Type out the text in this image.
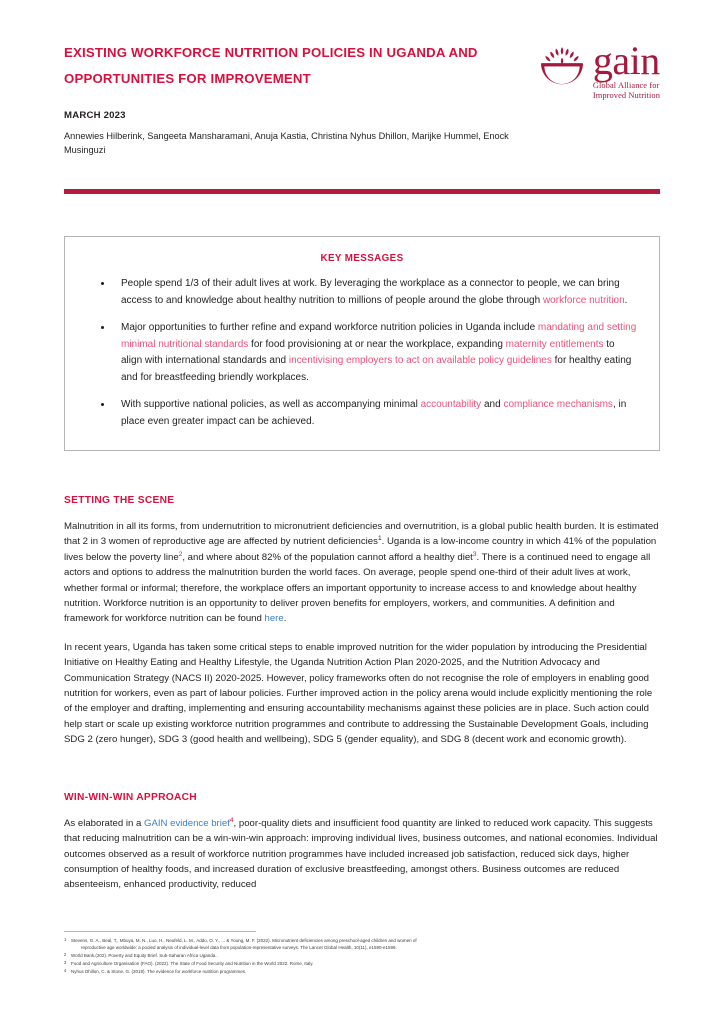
EXISTING WORKFORCE NUTRITION POLICIES IN UGANDA AND OPPORTUNITIES FOR IMPROVEMENT
MARCH 2023
Annewies Hilberink, Sangeeta Mansharamani, Anuja Kastia, Christina Nyhus Dhillon, Marijke Hummel, Enock Musinguzi
gain
Global Alliance for
Improved Nutrition
KEY MESSAGES
People spend 1/3 of their adult lives at work. By leveraging the workplace as a connector to people, we can bring access to and knowledge about healthy nutrition to millions of people around the globe through workforce nutrition.
Major opportunities to further refine and expand workforce nutrition policies in Uganda include mandating and setting minimal nutritional standards for food provisioning at or near the workplace, expanding maternity entitlements to align with international standards and incentivising employers to act on available policy guidelines for healthy eating and for breastfeeding briendly workplaces.
With supportive national policies, as well as accompanying minimal accountability and compliance mechanisms, in place even greater impact can be achieved.
SETTING THE SCENE
Malnutrition in all its forms, from undernutrition to micronutrient deficiencies and overnutrition, is a global public health burden. It is estimated that 2 in 3 women of reproductive age are affected by nutrient deficiencies$^1$. Uganda is a low-income country in which 41% of the population lives below the poverty line$^2$, and where about 82% of the population cannot afford a healthy diet$^3$. There is a continued need to engage all actors and options to address the malnutrition burden the world faces. On average, people spend one-third of their adult lives at work, whether formal or informal; therefore, the workplace offers an important opportunity to increase access to and knowledge about healthy nutrition. Workforce nutrition is an opportunity to deliver proven benefits for employers, workers, and communities. A definition and framework for workforce nutrition can be found here.
In recent years, Uganda has taken some critical steps to enable improved nutrition for the wider population by introducing the Presidential Initiative on Healthy Eating and Healthy Lifestyle, the Uganda Nutrition Action Plan 2020-2025, and the Nutrition Advocacy and Communication Strategy (NACS II) 2020-2025. However, policy frameworks often do not recognise the role of employers in enabling good nutrition for workers, even as part of labour policies. Further improved action in the policy arena would include explicitly mentioning the role of the employer and drafting, implementing and ensuring accountability mechanisms against these policies are in place. Such action could help start or scale up existing workforce nutrition programmes and contribute to addressing the Sustainable Development Goals, including SDG 2 (zero hunger), SDG 3 (good health and wellbeing), SDG 5 (gender equality), and SDG 8 (decent work and economic growth).
WIN-WIN-WIN APPROACH
As elaborated in a GAIN evidence brief$^4$, poor-quality diets and insufficient food quantity are linked to reduced work capacity. This suggests that reducing malnutrition can be a win-win-win approach: improving individual lives, business outcomes, and national economies. Individual outcomes observed as a result of workforce nutrition programmes have included increased job satisfaction, reduced sick days, higher consumption of healthy foods, and increased duration of exclusive breastfeeding, amongst others. Business outcomes are reduced absenteeism, enhanced productivity, reduced
1 Stevens, G. A., Beal, T., Mbuya, M. N., Luo, H., Neufeld, L. M., Addo, O. Y., ... & Young, M. F. (2022). Micronutrient deficiencies among preschool-aged children and women of
reproductive age worldwide: a pooled analysis of individual-level data from population-representative surveys. The Lancet Global Health, 10(11), e1590-e1599.
2 World Bank.(202). Poverty and Equity Brief. Sub-Saharan Africa Uganda..
3 Food and Agriculture Organisation (FAO). (2022). The State of Food Security and Nutrition in the World 2022. Rome, Italy.
4 Nyhus Dhillon, C. & Stone, G. (2019). The evidence for workforce nutrition programmes.
